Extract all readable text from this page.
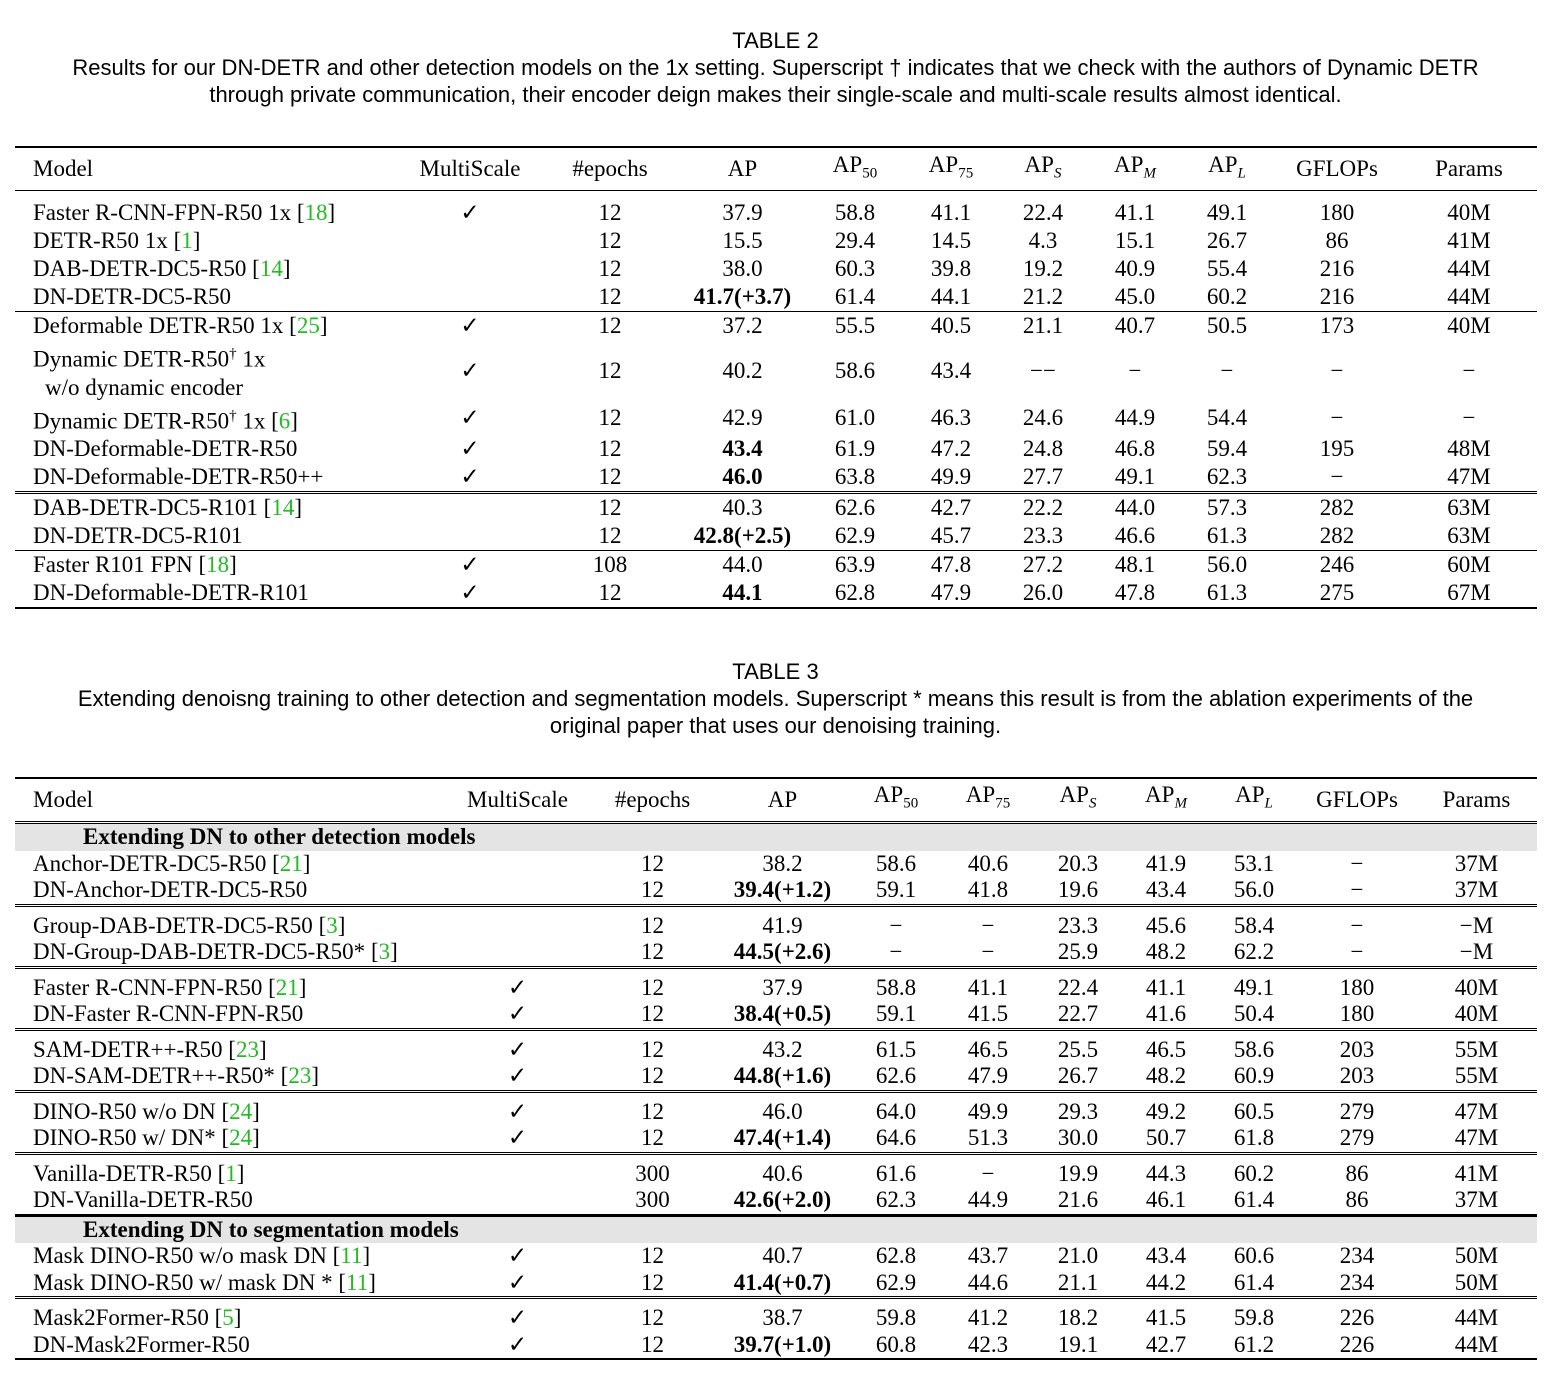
TABLE 2
Results for our DN-DETR and other detection models on the 1x setting. Superscript † indicates that we check with the authors of Dynamic DETR
through private communication, their encoder deign makes their single-scale and multi-scale results almost identical.
Model	MultiScale	#epochs	AP	$AP_{50}$	$AP_{75}$	$AP_S$	$AP_M$	$AP_L$	GFLOPs	Params
Faster R-CNN-FPN-R50 1x [18]	✓	12	37.9	58.8	41.1	22.4	41.1	49.1	180	40M
DETR-R50 1x [1]		12	15.5	29.4	14.5	4.3	15.1	26.7	86	41M
DAB-DETR-DC5-R50 [14]		12	38.0	60.3	39.8	19.2	40.9	55.4	216	44M
DN-DETR-DC5-R50		12	41.7(+3.7)	61.4	44.1	21.2	45.0	60.2	216	44M
Deformable DETR-R50 1x [25]	✓	12	37.2	55.5	40.5	21.1	40.7	50.5	173	40M
Dynamic DETR-R50† 1x
w/o dynamic encoder	✓	12	40.2	58.6	43.4	−−	−	−	−	−
Dynamic DETR-R50† 1x [6]	✓	12	42.9	61.0	46.3	24.6	44.9	54.4	−	−
DN-Deformable-DETR-R50	✓	12	43.4	61.9	47.2	24.8	46.8	59.4	195	48M
DN-Deformable-DETR-R50++	✓	12	46.0	63.8	49.9	27.7	49.1	62.3	−	47M
DAB-DETR-DC5-R101 [14]		12	40.3	62.6	42.7	22.2	44.0	57.3	282	63M
DN-DETR-DC5-R101		12	42.8(+2.5)	62.9	45.7	23.3	46.6	61.3	282	63M
Faster R101 FPN [18]	✓	108	44.0	63.9	47.8	27.2	48.1	56.0	246	60M
DN-Deformable-DETR-R101	✓	12	44.1	62.8	47.9	26.0	47.8	61.3	275	67M
TABLE 3
Extending denoisng training to other detection and segmentation models. Superscript * means this result is from the ablation experiments of the
original paper that uses our denoising training.
Model	MultiScale	#epochs	AP	$AP_{50}$	$AP_{75}$	$AP_S$	$AP_M$	$AP_L$	GFLOPs	Params
Extending DN to other detection models										
Anchor-DETR-DC5-R50 [21]		12	38.2	58.6	40.6	20.3	41.9	53.1	−	37M
DN-Anchor-DETR-DC5-R50		12	39.4(+1.2)	59.1	41.8	19.6	43.4	56.0	−	37M
Group-DAB-DETR-DC5-R50 [3]		12	41.9	−	−	23.3	45.6	58.4	−	−M
DN-Group-DAB-DETR-DC5-R50* [3]		12	44.5(+2.6)	−	−	25.9	48.2	62.2	−	−M
Faster R-CNN-FPN-R50 [21]	✓	12	37.9	58.8	41.1	22.4	41.1	49.1	180	40M
DN-Faster R-CNN-FPN-R50	✓	12	38.4(+0.5)	59.1	41.5	22.7	41.6	50.4	180	40M
SAM-DETR++-R50 [23]	✓	12	43.2	61.5	46.5	25.5	46.5	58.6	203	55M
DN-SAM-DETR++-R50* [23]	✓	12	44.8(+1.6)	62.6	47.9	26.7	48.2	60.9	203	55M
DINO-R50 w/o DN [24]	✓	12	46.0	64.0	49.9	29.3	49.2	60.5	279	47M
DINO-R50 w/ DN* [24]	✓	12	47.4(+1.4)	64.6	51.3	30.0	50.7	61.8	279	47M
Vanilla-DETR-R50 [1]		300	40.6	61.6	−	19.9	44.3	60.2	86	41M
DN-Vanilla-DETR-R50		300	42.6(+2.0)	62.3	44.9	21.6	46.1	61.4	86	37M
Extending DN to segmentation models										
Mask DINO-R50 w/o mask DN [11]	✓	12	40.7	62.8	43.7	21.0	43.4	60.6	234	50M
Mask DINO-R50 w/ mask DN * [11]	✓	12	41.4(+0.7)	62.9	44.6	21.1	44.2	61.4	234	50M
Mask2Former-R50 [5]	✓	12	38.7	59.8	41.2	18.2	41.5	59.8	226	44M
DN-Mask2Former-R50	✓	12	39.7(+1.0)	60.8	42.3	19.1	42.7	61.2	226	44M
